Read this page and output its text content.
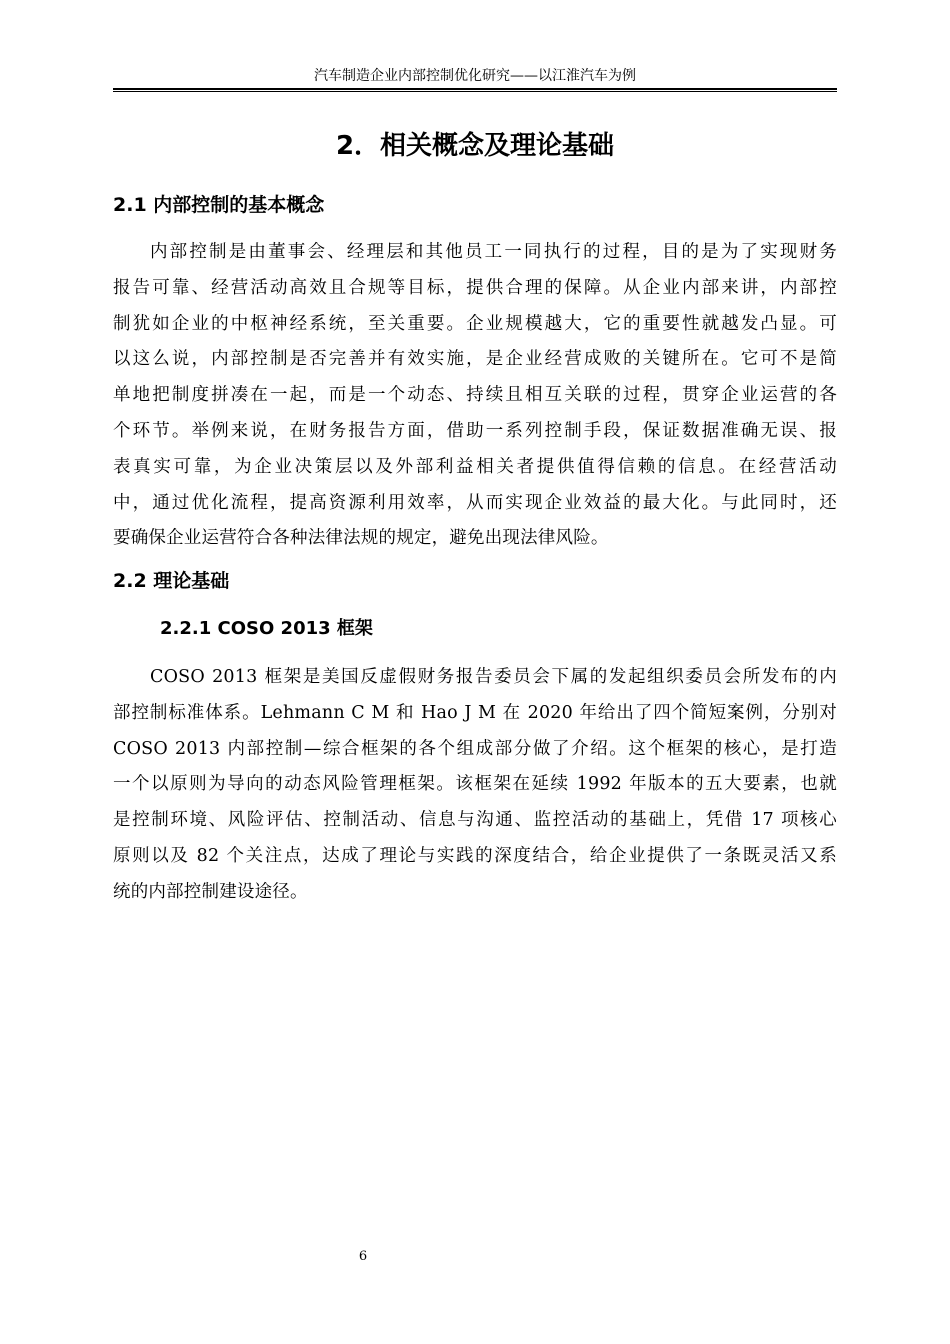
汽车制造企业内部控制优化研究——以江淮汽车为例
2．相关概念及理论基础
2.1 内部控制的基本概念
内部控制是由董事会、经理层和其他员工一同执行的过程，目的是为了实现财务
报告可靠、经营活动高效且合规等目标，提供合理的保障。从企业内部来讲，内部控
制犹如企业的中枢神经系统，至关重要。企业规模越大，它的重要性就越发凸显。可
以这么说，内部控制是否完善并有效实施，是企业经营成败的关键所在。它可不是简
单地把制度拼凑在一起，而是一个动态、持续且相互关联的过程，贯穿企业运营的各
个环节。举例来说，在财务报告方面，借助一系列控制手段，保证数据准确无误、报
表真实可靠，为企业决策层以及外部利益相关者提供值得信赖的信息。在经营活动
中，通过优化流程，提高资源利用效率，从而实现企业效益的最大化。与此同时，还
要确保企业运营符合各种法律法规的规定，避免出现法律风险。
2.2 理论基础
2.2.1 COSO 2013 框架
COSO 2013 框架是美国反虚假财务报告委员会下属的发起组织委员会所发布的内
部控制标准体系。Lehmann C M 和 Hao J M 在 2020 年给出了四个简短案例，分别对
COSO 2013 内部控制—综合框架的各个组成部分做了介绍。这个框架的核心，是打造
一个以原则为导向的动态风险管理框架。该框架在延续 1992 年版本的五大要素，也就
是控制环境、风险评估、控制活动、信息与沟通、监控活动的基础上，凭借 17 项核心
原则以及 82 个关注点，达成了理论与实践的深度结合，给企业提供了一条既灵活又系
统的内部控制建设途径。
6
